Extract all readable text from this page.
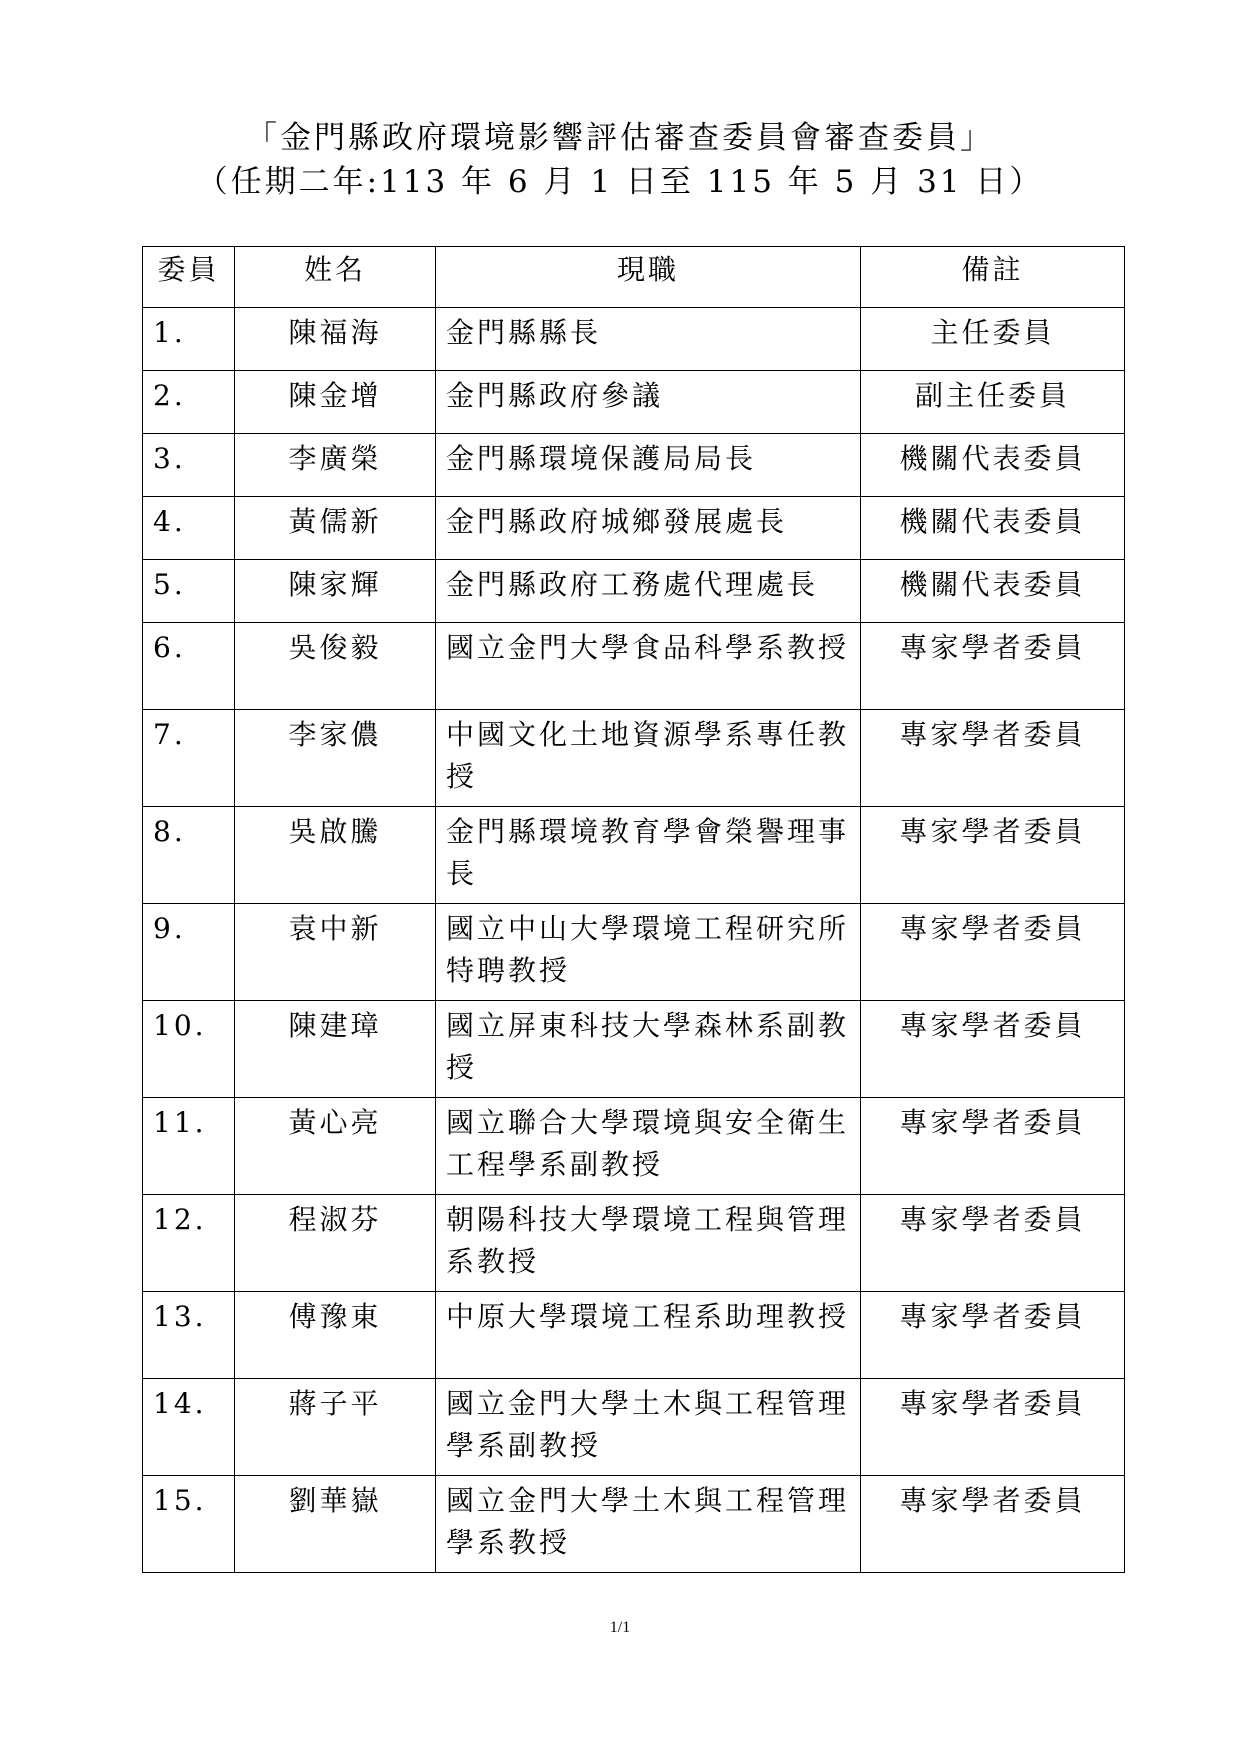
「金門縣政府環境影響評估審查委員會審查委員」
（任期二年:113 年 6 月 1 日至 115 年 5 月 31 日）
委員	姓名	現職	備註
1.	陳福海	金門縣縣長	主任委員
2.	陳金增	金門縣政府參議	副主任委員
3.	李廣榮	金門縣環境保護局局長	機關代表委員
4.	黃儒新	金門縣政府城鄉發展處長	機關代表委員
5.	陳家輝	金門縣政府工務處代理處長	機關代表委員
6.	吳俊毅	國立金門大學食品科學系教授	專家學者委員
7.	李家儂	中國文化土地資源學系專任教授	專家學者委員
8.	吳啟騰	金門縣環境教育學會榮譽理事長	專家學者委員
9.	袁中新	國立中山大學環境工程研究所特聘教授	專家學者委員
10.	陳建璋	國立屏東科技大學森林系副教授	專家學者委員
11.	黃心亮	國立聯合大學環境與安全衛生工程學系副教授	專家學者委員
12.	程淑芬	朝陽科技大學環境工程與管理系教授	專家學者委員
13.	傅豫東	中原大學環境工程系助理教授	專家學者委員
14.	蔣子平	國立金門大學土木與工程管理學系副教授	專家學者委員
15.	劉華嶽	國立金門大學土木與工程管理學系教授	專家學者委員
1/1
